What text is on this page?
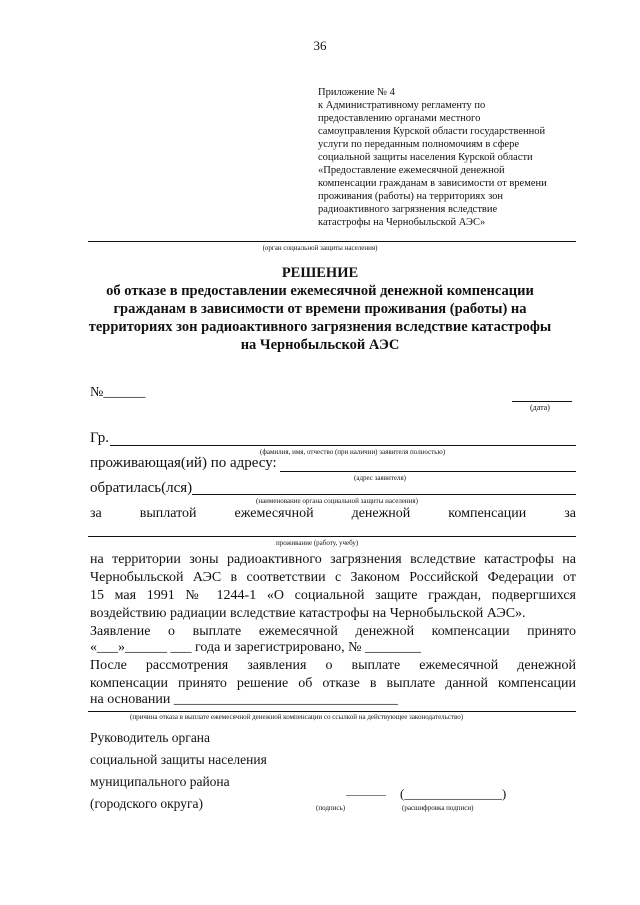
36
Приложение № 4
к Административному регламенту по
предоставлению органами местного
самоуправления Курской области государственной
услуги по переданным полномочиям в сфере
социальной защиты населения Курской области
«Предоставление ежемесячной денежной
компенсации гражданам в зависимости от времени
проживания (работы) на территориях зон
радиоактивного загрязнения вследствие
катастрофы на Чернобыльской АЭС»
(орган социальной защиты населения)
РЕШЕНИЕ
об отказе в предоставлении ежемесячной денежной компенсации
гражданам в зависимости от времени проживания (работы) на
территориях зон радиоактивного загрязнения вследствие катастрофы
на Чернобыльской АЭС
№______
(дата)
Гр.
(фамилия, имя, отчество (при наличии) заявителя полностью)
проживающая(ий) по адресу:
(адрес заявителя)
обратилась(лся)
(наименование органа социальной защиты населения)
за выплатой ежемесячной денежной компенсации за
проживание (работу, учебу)
на территории зоны радиоактивного загрязнения вследствие катастрофы на
Чернобыльской АЭС в соответствии с Законом Российской Федерации от
15 мая 1991 № 1244-1 «О социальной защите граждан, подвергшихся
воздействию радиации вследствие катастрофы на Чернобыльской АЭС».
Заявление о выплате ежемесячной денежной компенсации принято
«___»______ ___ года и зарегистрировано, № ________
После рассмотрения заявления о выплате ежемесячной денежной
компенсации принято решение об отказе в выплате данной компенсации
на основании ________________________________
(причина отказа в выплате ежемесячной денежной компенсации со ссылкой на действующее законодательство)
Руководитель органа
социальной защиты населения
муниципального района
(городского округа)
________ (_______________)
(подпись)	(расшифровка подписи)
